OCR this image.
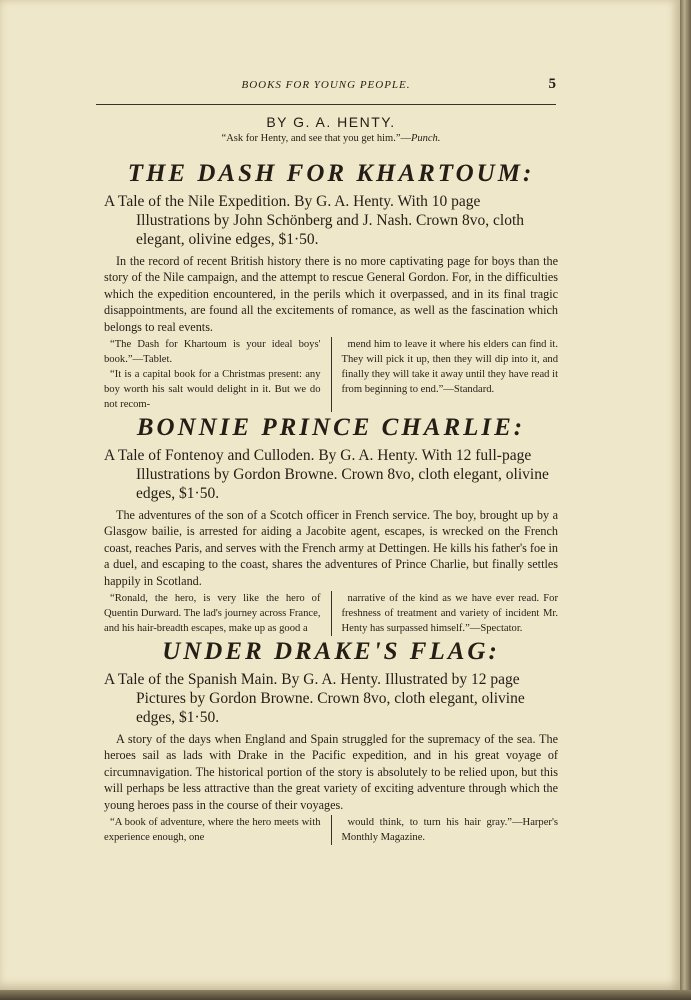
BOOKS FOR YOUNG PEOPLE.	5

BY G. A. HENTY.

“Ask for Henty, and see that you get him.”—Punch.

THE DASH FOR KHARTOUM:

A Tale of the Nile Expedition. By G. A. Henty. With 10 page Illustrations by John Schönberg and J. Nash. Crown 8vo, cloth elegant, olivine edges, $1·50.

In the record of recent British history there is no more captivating page for boys than the story of the Nile campaign, and the attempt to rescue General Gordon. For, in the difficulties which the expedition encountered, in the perils which it overpassed, and in its final tragic disappointments, are found all the excitements of romance, as well as the fascination which belongs to real events.

“The Dash for Khartoum is your ideal boys' book.”—Tablet.

“It is a capital book for a Christmas present: any boy worth his salt would delight in it. But we do not recom-

mend him to leave it where his elders can find it. They will pick it up, then they will dip into it, and finally they will take it away until they have read it from beginning to end.”—Standard.

BONNIE PRINCE CHARLIE:

A Tale of Fontenoy and Culloden. By G. A. Henty. With 12 full-page Illustrations by Gordon Browne. Crown 8vo, cloth elegant, olivine edges, $1·50.

The adventures of the son of a Scotch officer in French service. The boy, brought up by a Glasgow bailie, is arrested for aiding a Jacobite agent, escapes, is wrecked on the French coast, reaches Paris, and serves with the French army at Dettingen. He kills his father's foe in a duel, and escaping to the coast, shares the adventures of Prince Charlie, but finally settles happily in Scotland.

“Ronald, the hero, is very like the hero of Quentin Durward. The lad's journey across France, and his hair-breadth escapes, make up as good a

narrative of the kind as we have ever read. For freshness of treatment and variety of incident Mr. Henty has surpassed himself.”—Spectator.

UNDER DRAKE'S FLAG:

A Tale of the Spanish Main. By G. A. Henty. Illustrated by 12 page Pictures by Gordon Browne. Crown 8vo, cloth elegant, olivine edges, $1·50.

A story of the days when England and Spain struggled for the supremacy of the sea. The heroes sail as lads with Drake in the Pacific expedition, and in his great voyage of circumnavigation. The historical portion of the story is absolutely to be relied upon, but this will perhaps be less attractive than the great variety of exciting adventure through which the young heroes pass in the course of their voyages.

“A book of adventure, where the hero meets with experience enough, one

would think, to turn his hair gray.”—Harper's Monthly Magazine.
